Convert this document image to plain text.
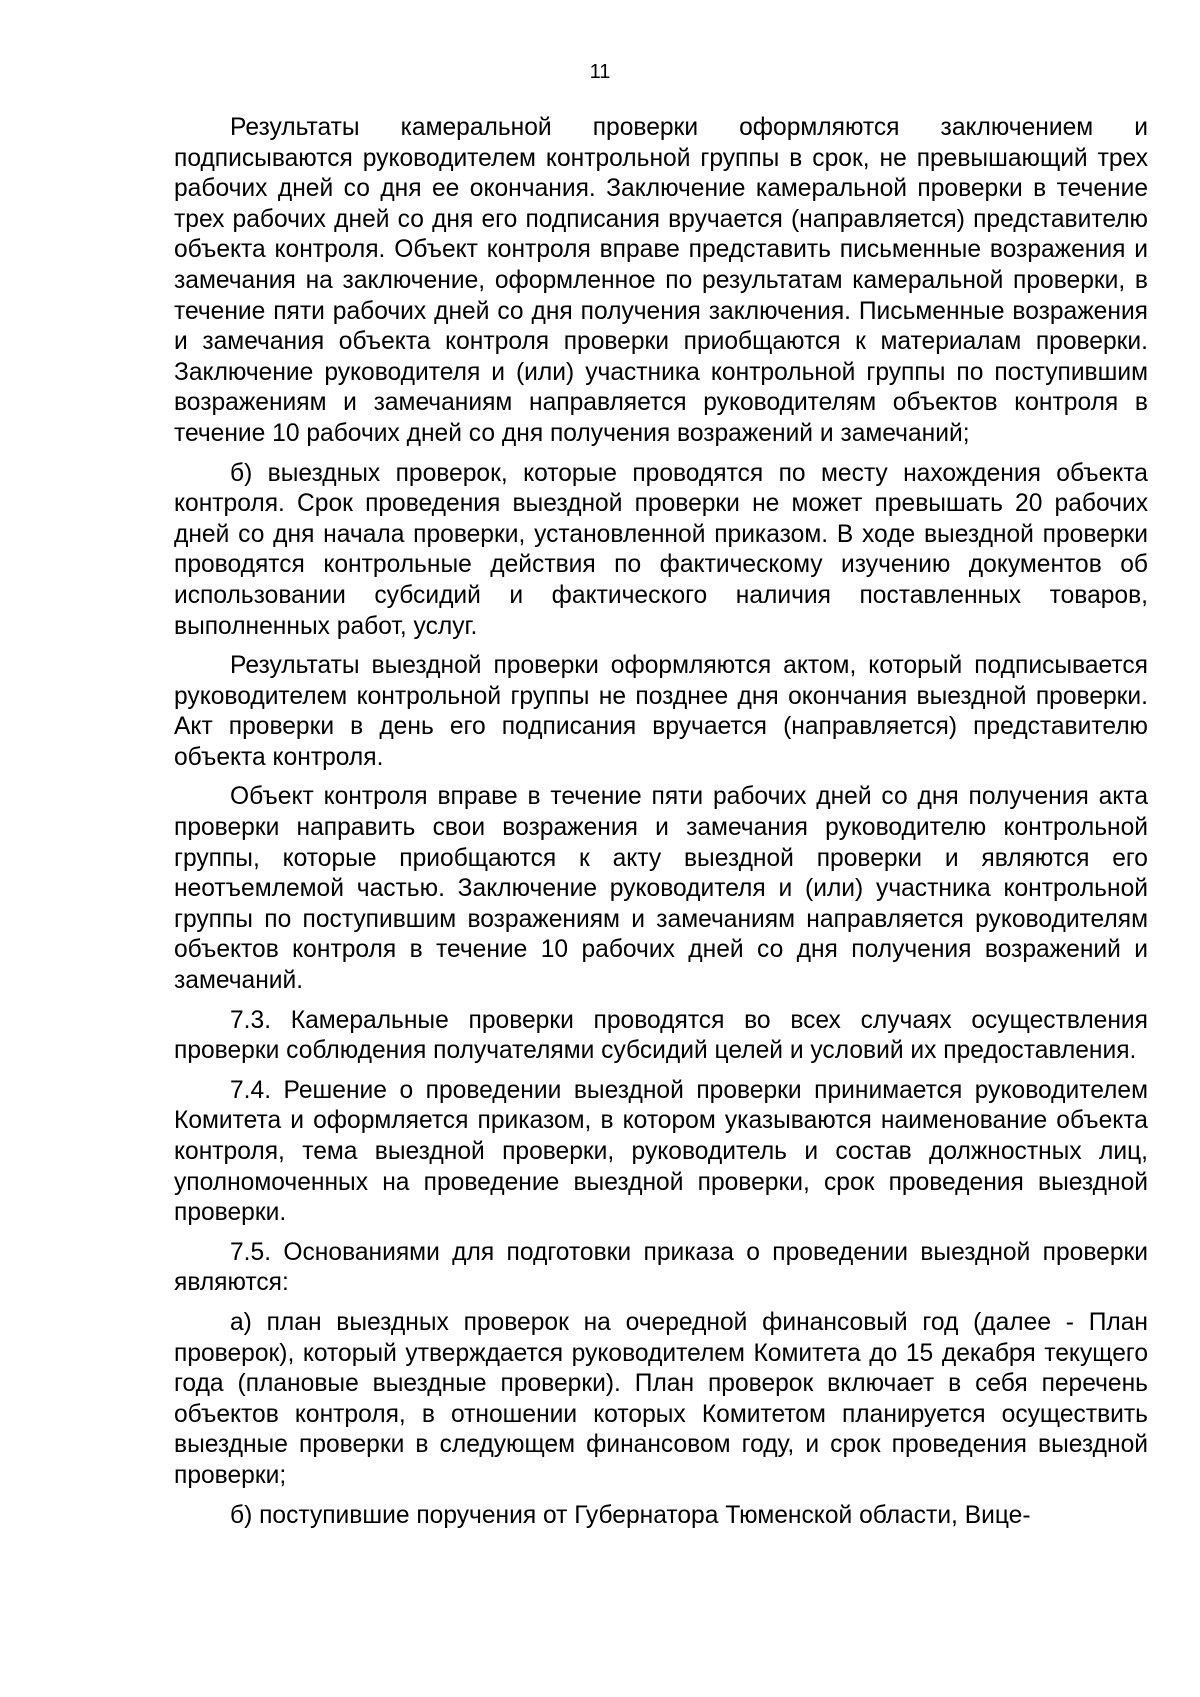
11

Результаты камеральной проверки оформляются заключением и подписываются руководителем контрольной группы в срок, не превышающий трех рабочих дней со дня ее окончания. Заключение камеральной проверки в течение трех рабочих дней со дня его подписания вручается (направляется) представителю объекта контроля. Объект контроля вправе представить письменные возражения и замечания на заключение, оформленное по результатам камеральной проверки, в течение пяти рабочих дней со дня получения заключения. Письменные возражения и замечания объекта контроля проверки приобщаются к материалам проверки. Заключение руководителя и (или) участника контрольной группы по поступившим возражениям и замечаниям направляется руководителям объектов контроля в течение 10 рабочих дней со дня получения возражений и замечаний;

б) выездных проверок, которые проводятся по месту нахождения объекта контроля. Срок проведения выездной проверки не может превышать 20 рабочих дней со дня начала проверки, установленной приказом. В ходе выездной проверки проводятся контрольные действия по фактическому изучению документов об использовании субсидий и фактического наличия поставленных товаров, выполненных работ, услуг.

Результаты выездной проверки оформляются актом, который подписывается руководителем контрольной группы не позднее дня окончания выездной проверки. Акт проверки в день его подписания вручается (направляется) представителю объекта контроля.

Объект контроля вправе в течение пяти рабочих дней со дня получения акта проверки направить свои возражения и замечания руководителю контрольной группы, которые приобщаются к акту выездной проверки и являются его неотъемлемой частью. Заключение руководителя и (или) участника контрольной группы по поступившим возражениям и замечаниям направляется руководителям объектов контроля в течение 10 рабочих дней со дня получения возражений и замечаний.

7.3. Камеральные проверки проводятся во всех случаях осуществления проверки соблюдения получателями субсидий целей и условий их предоставления.

7.4. Решение о проведении выездной проверки принимается руководителем Комитета и оформляется приказом, в котором указываются наименование объекта контроля, тема выездной проверки, руководитель и состав должностных лиц, уполномоченных на проведение выездной проверки, срок проведения выездной проверки.

7.5. Основаниями для подготовки приказа о проведении выездной проверки являются:

а) план выездных проверок на очередной финансовый год (далее - План проверок), который утверждается руководителем Комитета до 15 декабря текущего года (плановые выездные проверки). План проверок включает в себя перечень объектов контроля, в отношении которых Комитетом планируется осуществить выездные проверки в следующем финансовом году, и срок проведения выездной проверки;

б) поступившие поручения от Губернатора Тюменской области, Вице-
